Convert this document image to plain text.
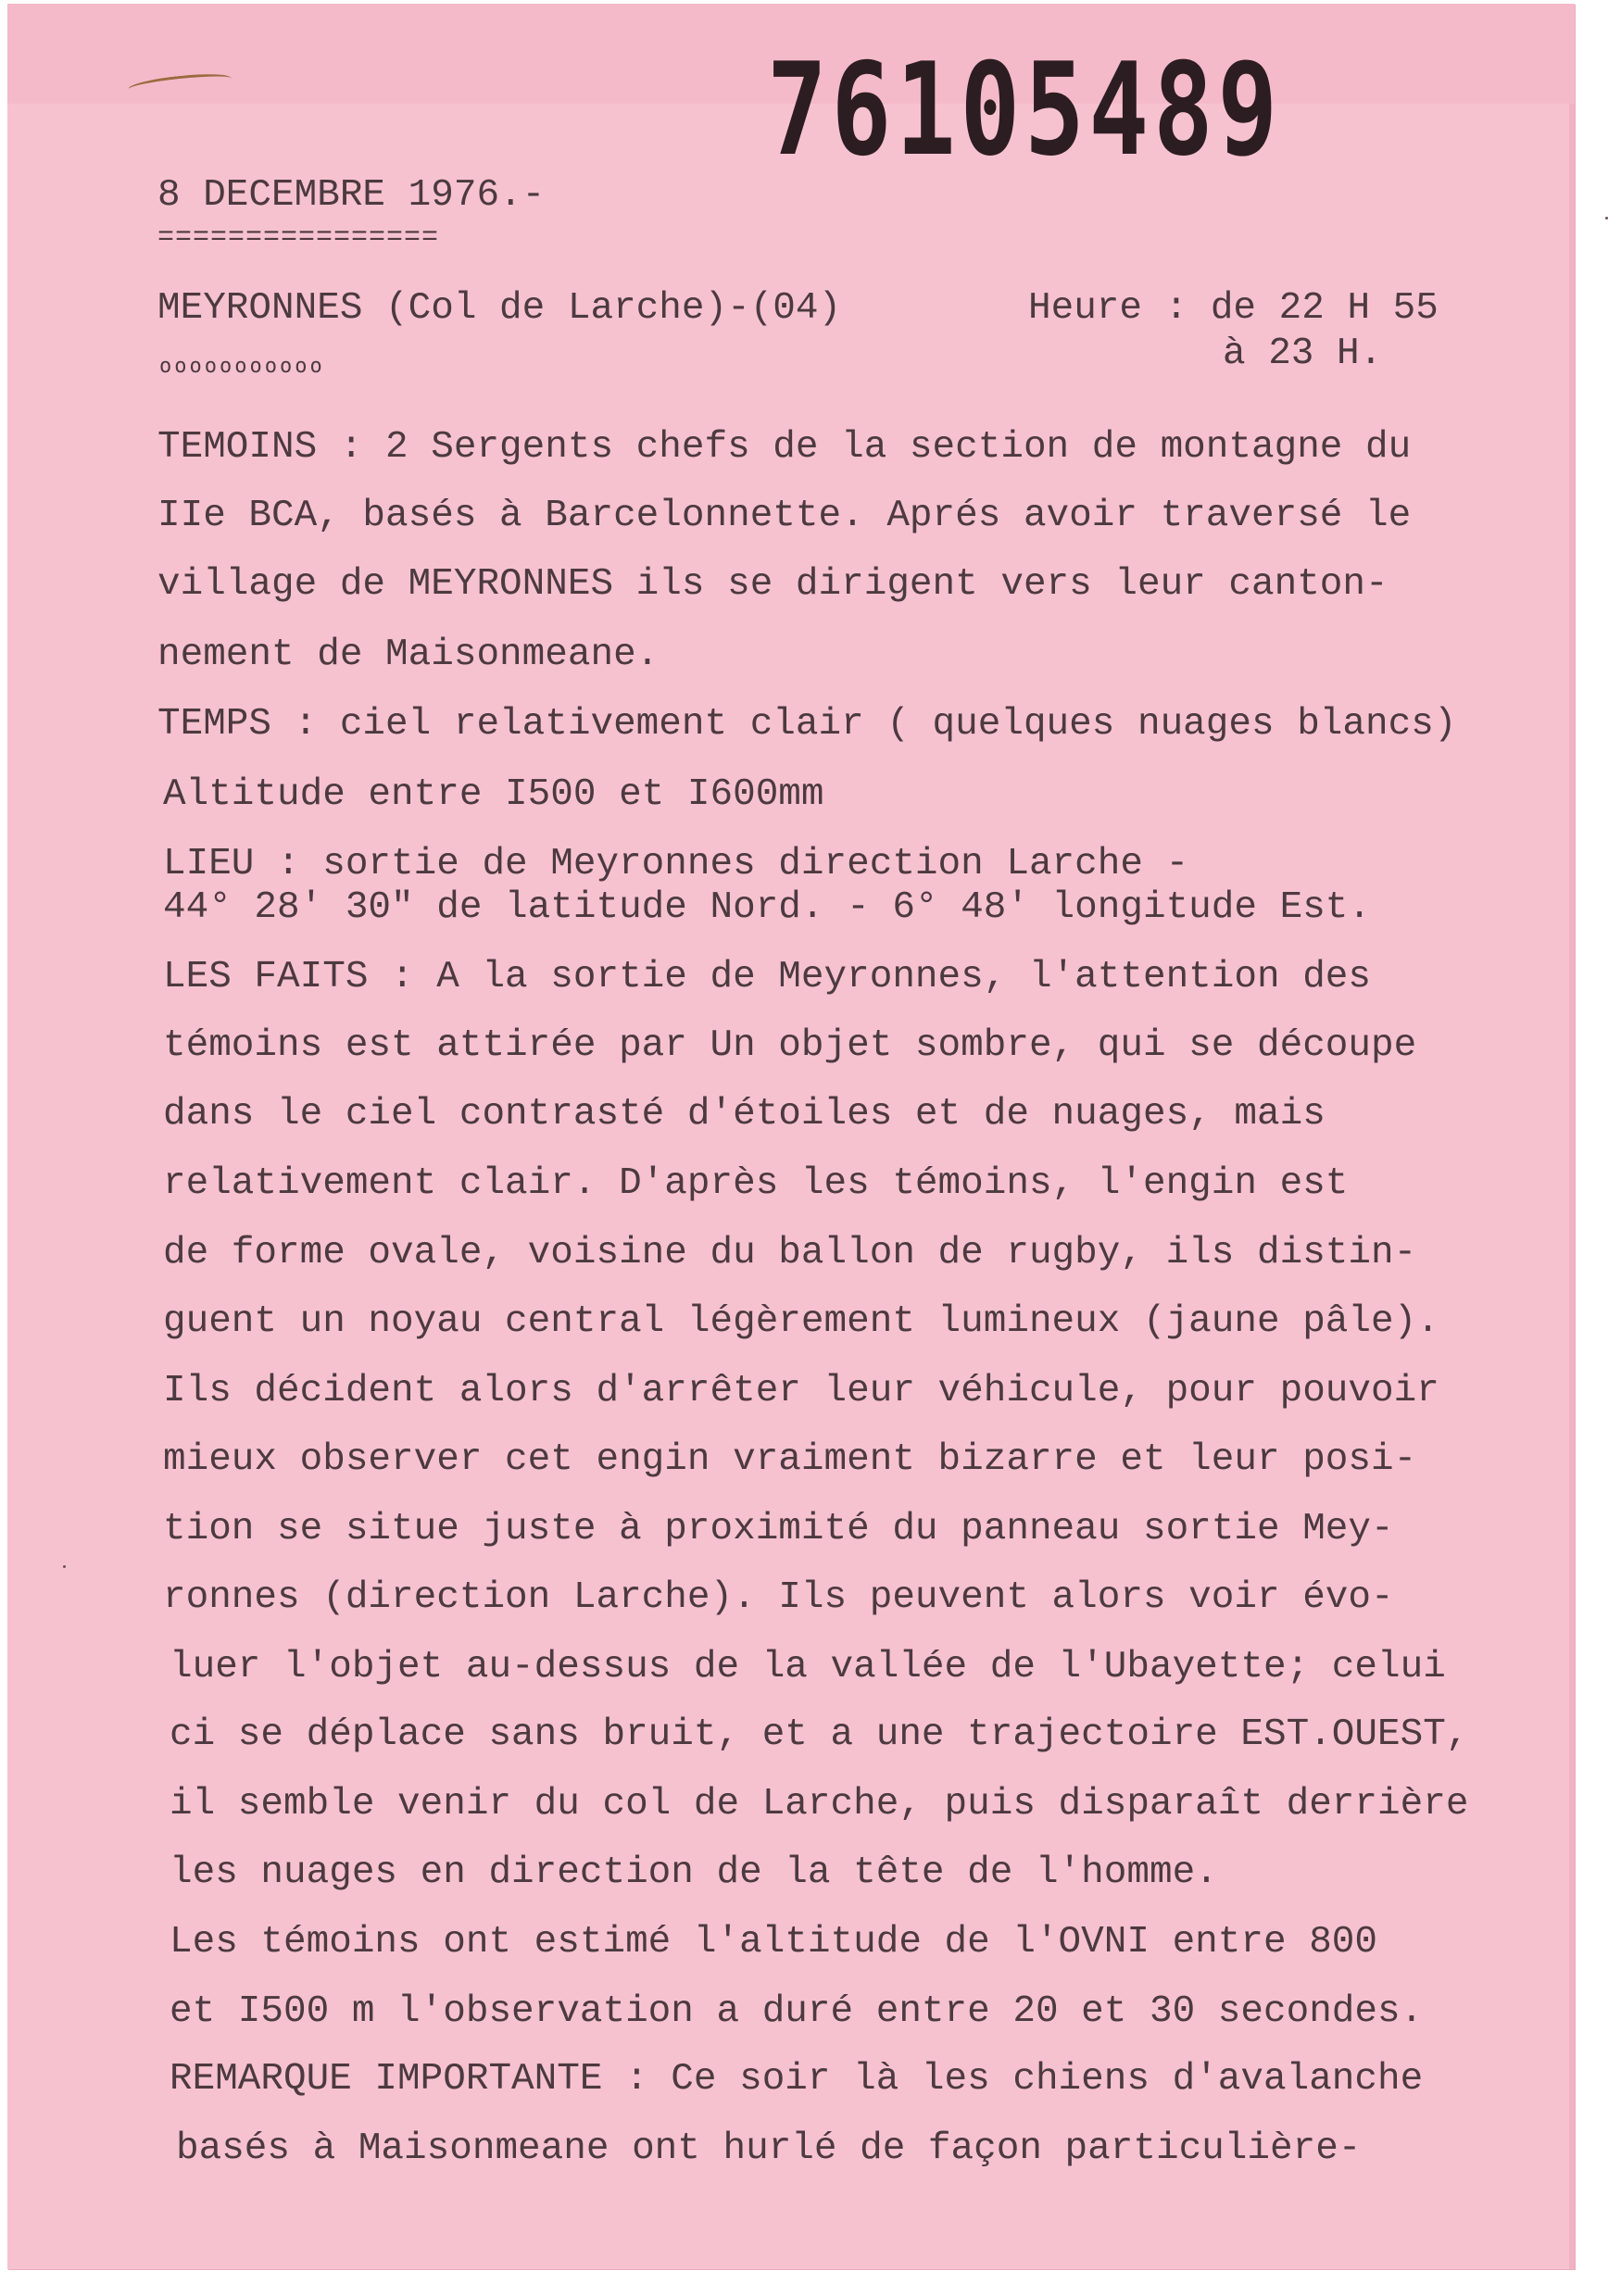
76105489
8 DECEMBRE 1976.-
================
MEYRONNES (Col de Larche)-(04)
ooooooooooo
Heure : de 22 H 55
à 23 H.
TEMOINS : 2 Sergents chefs de la section de montagne du
IIe BCA, basés à Barcelonnette. Aprés avoir traversé le
village de MEYRONNES ils se dirigent vers leur canton-
nement de Maisonmeane.
TEMPS : ciel relativement clair ( quelques nuages blancs)
Altitude entre I500 et I600mm
LIEU : sortie de Meyronnes direction Larche -
44° 28' 30" de latitude Nord. - 6° 48' longitude Est.
LES FAITS : A la sortie de Meyronnes, l'attention des
témoins est attirée par Un objet sombre, qui se découpe
dans le ciel contrasté d'étoiles et de nuages, mais
relativement clair. D'après les témoins, l'engin est
de forme ovale, voisine du ballon de rugby, ils distin-
guent un noyau central légèrement lumineux (jaune pâle).
Ils décident alors d'arrêter leur véhicule, pour pouvoir
mieux observer cet engin vraiment bizarre et leur posi-
tion se situe juste à proximité du panneau sortie Mey-
ronnes (direction Larche). Ils peuvent alors voir évo-
luer l'objet au-dessus de la vallée de l'Ubayette; celui
ci se déplace sans bruit, et a une trajectoire EST.OUEST,
il semble venir du col de Larche, puis disparaît derrière
les nuages en direction de la tête de l'homme.
Les témoins ont estimé l'altitude de l'OVNI entre 800
et I500 m l'observation a duré entre 20 et 30 secondes.
REMARQUE IMPORTANTE : Ce soir là les chiens d'avalanche
basés à Maisonmeane ont hurlé de façon particulière-
